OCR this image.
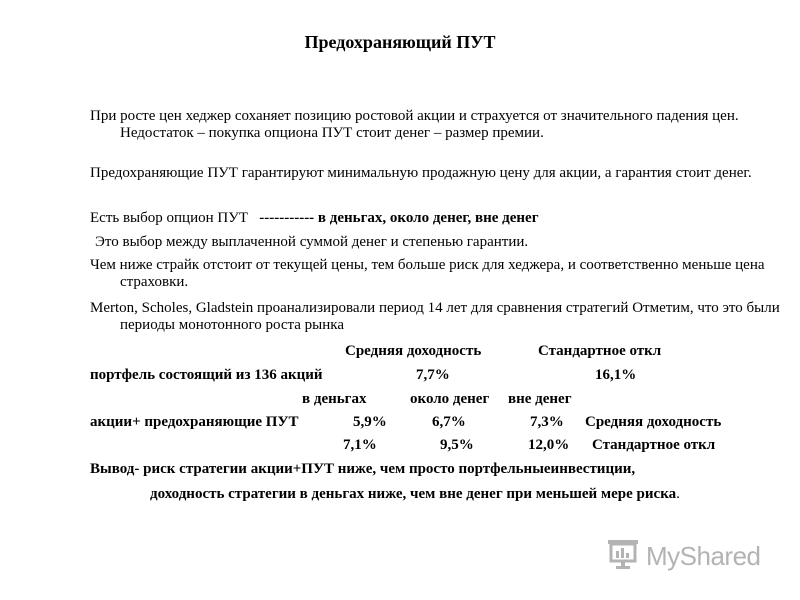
Предохраняющий ПУТ
При росте цен хеджер соханяет позицию ростовой акции и страхуется от значительного падения цен. Недостаток – покупка опциона ПУТ стоит денег – размер премии.
Предохраняющие ПУТ гарантируют минимальную продажную цену для акции, а гарантия стоит денег.
Есть выбор опцион ПУТ ----------- в деньгах, около денег, вне денег
Это выбор между выплаченной суммой денег и степенью гарантии.
Чем ниже страйк отстоит от текущей цены, тем больше риск для хеджера, и соответственно меньше цена страховки.
Merton, Scholes, Gladstein проанализировали период 14 лет для сравнения стратегий Отметим, что это были периоды монотонного роста рынка
Средняя доходность	Стандартное откл
портфель состоящий из 136 акций	7,7%	16,1%
в деньгах	около денег	вне денег
акции+ предохраняющие ПУТ	5,9%	6,7%	7,3%	Средняя доходность
7,1%	9,5%	12,0%	Стандартное откл
Вывод- риск стратегии акции+ПУТ ниже, чем просто портфельныеинвестиции,
доходность стратегии в деньгах ниже, чем вне денег при меньшей мере риска.
MyShared
